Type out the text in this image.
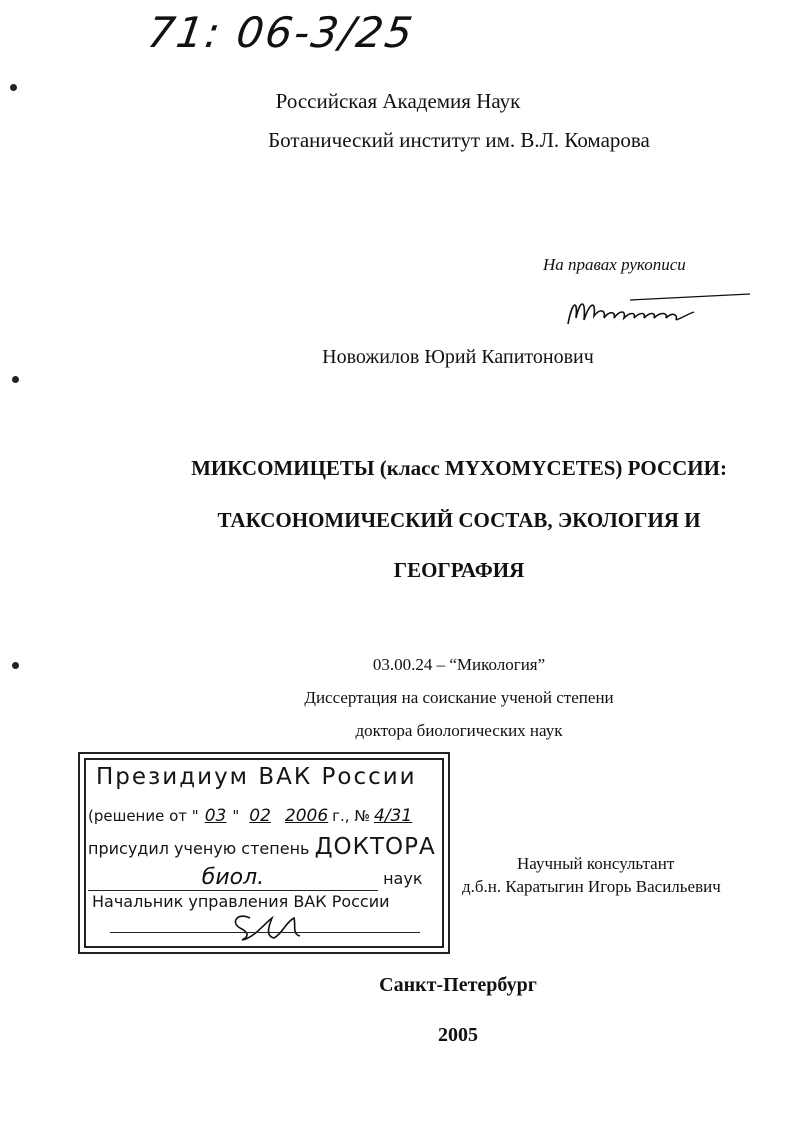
71: 06-3/25
Российская Академия Наук
Ботанический институт им. В.Л. Комарова
На правах рукописи
Новожилов Юрий Капитонович
МИКСОМИЦЕТЫ (класс MYXOMYCETES) РОССИИ:
ТАКСОНОМИЧЕСКИЙ СОСТАВ, ЭКОЛОГИЯ И
ГЕОГРАФИЯ
03.00.24 – “Микология”
Диссертация на соискание ученой степени
доктора биологических наук
Президиум ВАК России
(решение от " 03 " 02 2006 г., № 4/31
присудил ученую степень ДОКТОРА
биол.	наук
Начальник управления ВАК России
Научный консультант
д.б.н. Каратыгин Игорь Васильевич
Санкт-Петербург
2005
